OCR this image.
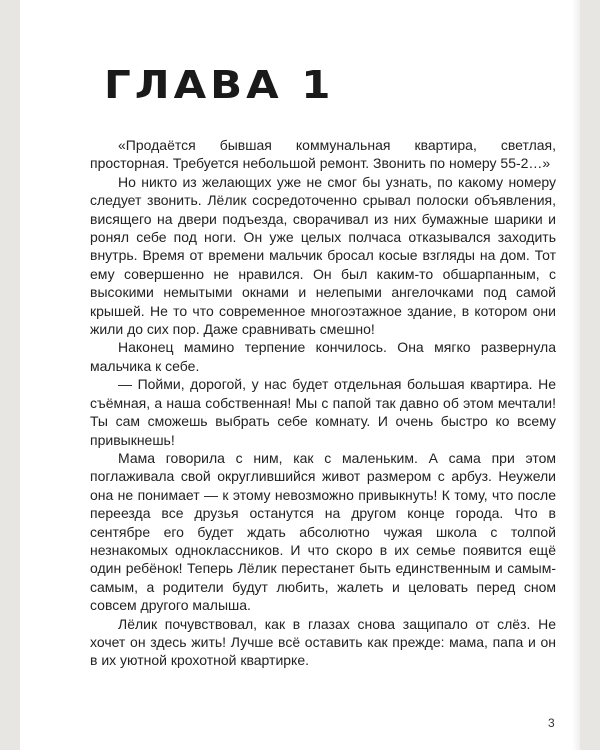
ГЛАВА 1

«Продаётся бывшая коммунальная квартира, светлая, просторная. Требуется небольшой ремонт. Звонить по номеру 55-2…»

Но никто из желающих уже не смог бы узнать, по какому номеру следует звонить. Лёлик сосредоточенно срывал полоски объявления, висящего на двери подъезда, сворачивал из них бумажные шарики и ронял себе под ноги. Он уже целых полчаса отказывался заходить внутрь. Время от времени мальчик бросал косые взгляды на дом. Тот ему совершенно не нравился. Он был каким-то обшарпанным, с высокими немытыми окнами и нелепыми ангелочками под самой крышей. Не то что современное многоэтажное здание, в котором они жили до сих пор. Даже сравнивать смешно!

Наконец мамино терпение кончилось. Она мягко развернула мальчика к себе.

— Пойми, дорогой, у нас будет отдельная большая квартира. Не съёмная, а наша собственная! Мы с папой так давно об этом мечтали! Ты сам сможешь выбрать себе комнату. И очень быстро ко всему привыкнешь!

Мама говорила с ним, как с маленьким. А сама при этом поглаживала свой округлившийся живот размером с арбуз. Неужели она не понимает — к этому невозможно привыкнуть! К тому, что после переезда все друзья останутся на другом конце города. Что в сентябре его будет ждать абсолютно чужая школа с толпой незнакомых одноклассников. И что скоро в их семье появится ещё один ребёнок! Теперь Лёлик перестанет быть единственным и самым-самым, а родители будут любить, жалеть и целовать перед сном совсем другого малыша.

Лёлик почувствовал, как в глазах снова защипало от слёз. Не хочет он здесь жить! Лучше всё оставить как прежде: мама, папа и он в их уютной крохотной квартирке.

3
